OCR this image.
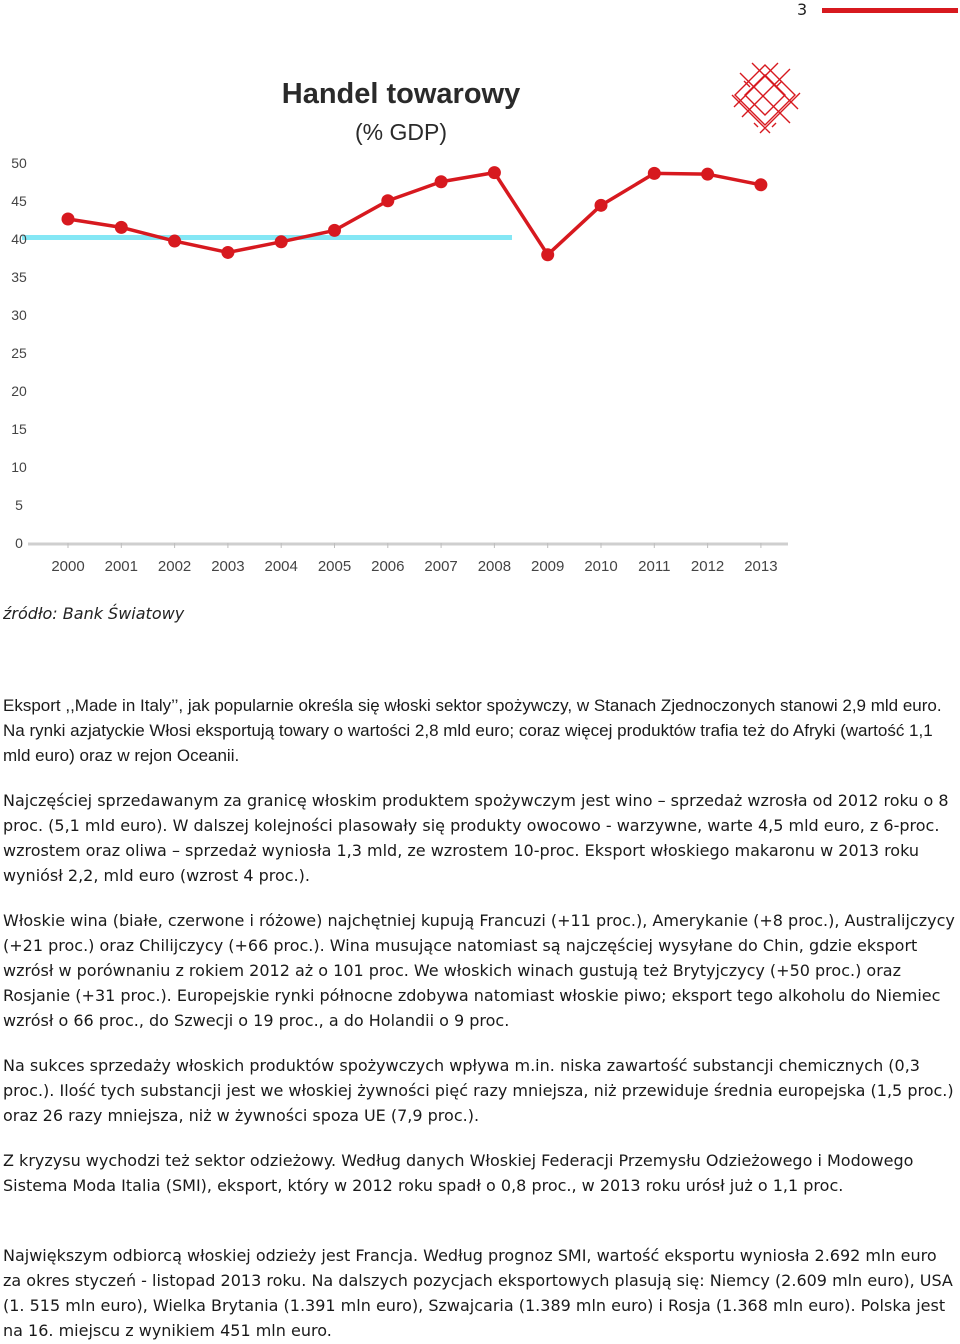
3
Handel towarowy
(% GDP)
0
5
10
15
20
25
30
35
40
45
50
2000 2001 2002 2003 2004 2005 2006 2007 2008 2009 2010 2011 2012 2013
źródło: Bank Światowy

Eksport ,,Made in Italy’’, jak popularnie określa się włoski sektor spożywczy, w Stanach Zjednoczonych stanowi 2,9 mld euro. Na rynki azjatyckie Włosi eksportują towary o wartości 2,8 mld euro; coraz więcej produktów trafia też do Afryki (wartość 1,1 mld euro) oraz w rejon Oceanii.

Najczęściej sprzedawanym za granicę włoskim produktem spożywczym jest wino – sprzedaż wzrosła od 2012 roku o 8 proc. (5,1 mld euro). W dalszej kolejności plasowały się produkty owocowo - warzywne, warte 4,5 mld euro, z 6-proc. wzrostem oraz oliwa – sprzedaż wyniosła 1,3 mld, ze wzrostem 10-proc. Eksport włoskiego makaronu w 2013 roku wyniósł 2,2, mld euro (wzrost 4 proc.).

Włoskie wina (białe, czerwone i różowe) najchętniej kupują Francuzi (+11 proc.), Amerykanie (+8 proc.), Australijczycy (+21 proc.) oraz Chilijczycy (+66 proc.). Wina musujące natomiast są najczęściej wysyłane do Chin, gdzie eksport wzrósł w porównaniu z rokiem 2012 aż o 101 proc. We włoskich winach gustują też Brytyjczycy (+50 proc.) oraz Rosjanie (+31 proc.). Europejskie rynki północne zdobywa natomiast włoskie piwo; eksport tego alkoholu do Niemiec wzrósł o 66 proc., do Szwecji o 19 proc., a do Holandii o 9 proc.

Na sukces sprzedaży włoskich produktów spożywczych wpływa m.in. niska zawartość substancji chemicznych (0,3 proc.). Ilość tych substancji jest we włoskiej żywności pięć razy mniejsza, niż przewiduje średnia europejska (1,5 proc.) oraz 26 razy mniejsza, niż w żywności spoza UE (7,9 proc.).

Z kryzysu wychodzi też sektor odzieżowy. Według danych Włoskiej Federacji Przemysłu Odzieżowego i Modowego Sistema Moda Italia (SMI), eksport, który w 2012 roku spadł o 0,8 proc., w 2013 roku urósł już o 1,1 proc.

Największym odbiorcą włoskiej odzieży jest Francja. Według prognoz SMI, wartość eksportu wyniosła 2.692 mln euro za okres styczeń - listopad 2013 roku. Na dalszych pozycjach eksportowych plasują się: Niemcy (2.609 mln euro), USA (1. 515 mln euro), Wielka Brytania (1.391 mln euro), Szwajcaria (1.389 mln euro) i Rosja (1.368 mln euro). Polska jest na 16. miejscu z wynikiem 451 mln euro.
